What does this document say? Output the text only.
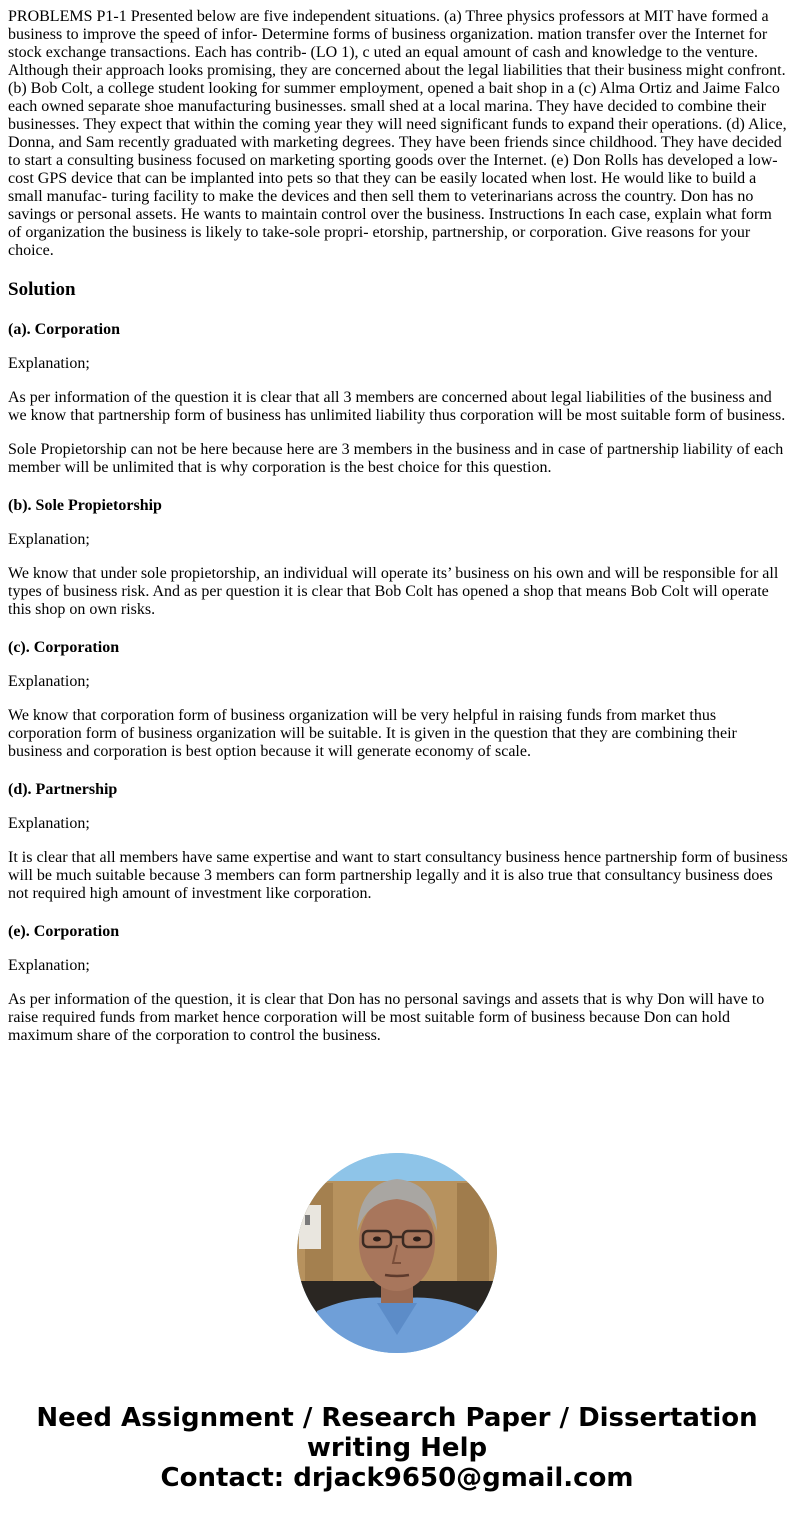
PROBLEMS P1-1 Presented below are five independent situations. (a) Three physics professors at MIT have formed a business to improve the speed of infor- Determine forms of business organization. mation transfer over the Internet for stock exchange transactions. Each has contrib- (LO 1), c uted an equal amount of cash and knowledge to the venture. Although their approach looks promising, they are concerned about the legal liabilities that their business might confront. (b) Bob Colt, a college student looking for summer employment, opened a bait shop in a (c) Alma Ortiz and Jaime Falco each owned separate shoe manufacturing businesses. small shed at a local marina. They have decided to combine their businesses. They expect that within the coming year they will need significant funds to expand their operations. (d) Alice, Donna, and Sam recently graduated with marketing degrees. They have been friends since childhood. They have decided to start a consulting business focused on marketing sporting goods over the Internet. (e) Don Rolls has developed a low-cost GPS device that can be implanted into pets so that they can be easily located when lost. He would like to build a small manufac- turing facility to make the devices and then sell them to veterinarians across the country. Don has no savings or personal assets. He wants to maintain control over the business. Instructions In each case, explain what form of organization the business is likely to take-sole propri- etorship, partnership, or corporation. Give reasons for your choice.
Solution
(a). Corporation

Explanation;

As per information of the question it is clear that all 3 members are concerned about legal liabilities of the business and we know that partnership form of business has unlimited liability thus corporation will be most suitable form of business.

Sole Propietorship can not be here because here are 3 members in the business and in case of partnership liability of each member will be unlimited that is why corporation is the best choice for this question.

(b). Sole Propietorship

Explanation;

We know that under sole propietorship, an individual will operate its’ business on his own and will be responsible for all types of business risk. And as per question it is clear that Bob Colt has opened a shop that means Bob Colt will operate this shop on own risks.

(c). Corporation

Explanation;

We know that corporation form of business organization will be very helpful in raising funds from market thus corporation form of business organization will be suitable. It is given in the question that they are combining their business and corporation is best option because it will generate economy of scale.

(d). Partnership

Explanation;

It is clear that all members have same expertise and want to start consultancy business hence partnership form of business will be much suitable because 3 members can form partnership legally and it is also true that consultancy business does not required high amount of investment like corporation.

(e). Corporation

Explanation;

As per information of the question, it is clear that Don has no personal savings and assets that is why Don will have to raise required funds from market hence corporation will be most suitable form of business because Don can hold maximum share of the corporation to control the business.

Need Assignment / Research Paper / Dissertation
writing Help
Contact: drjack9650@gmail.com
